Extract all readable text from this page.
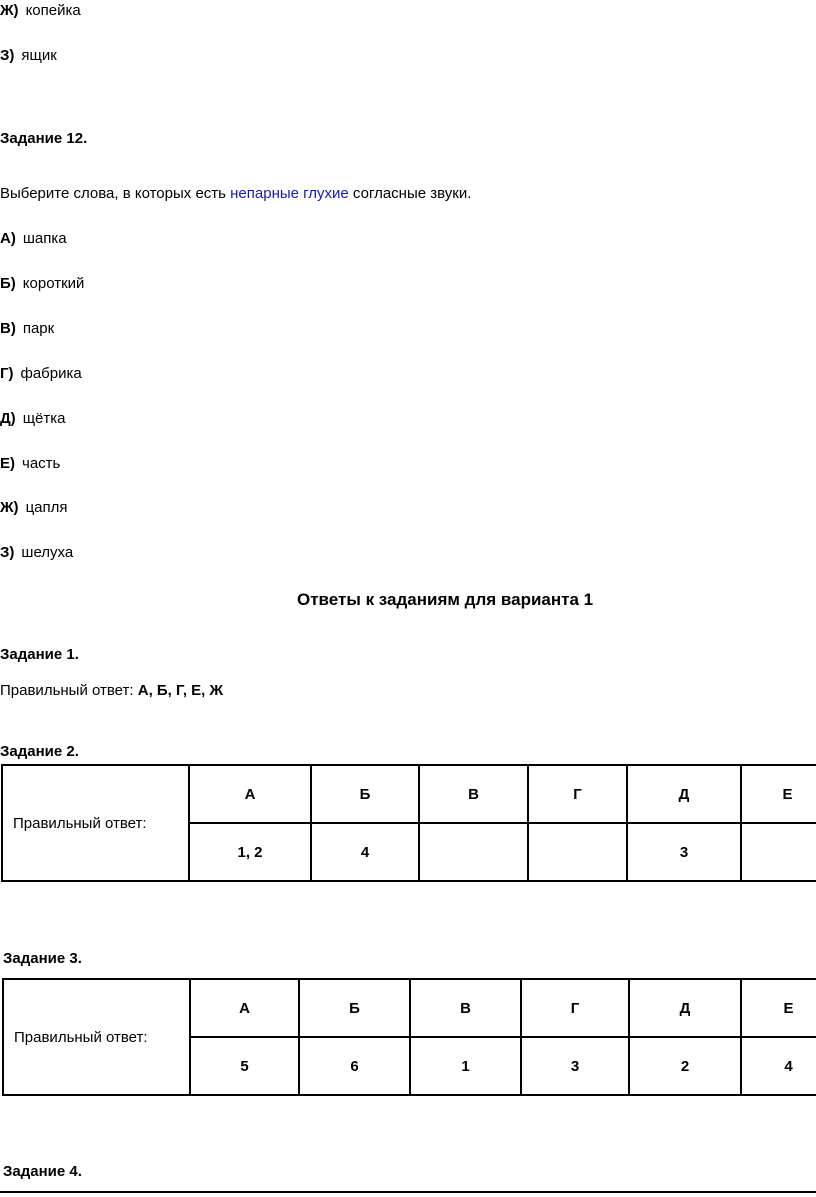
Ж) копейка
З) ящик
Задание 12.
Выберите слова, в которых есть непарные глухие согласные звуки.
А) шапка
Б) короткий
В) парк
Г) фабрика
Д) щётка
Е) часть
Ж) цапля
З) шелуха
Ответы к заданиям для варианта 1
Задание 1.
Правильный ответ: А, Б, Г, Е, Ж
Задание 2.
Правильный ответ:	А	Б	В	Г	Д	Е
	1, 2	4			3	
Задание 3.
Правильный ответ:	А	Б	В	Г	Д	Е
	5	6	1	3	2	4
Задание 4.
